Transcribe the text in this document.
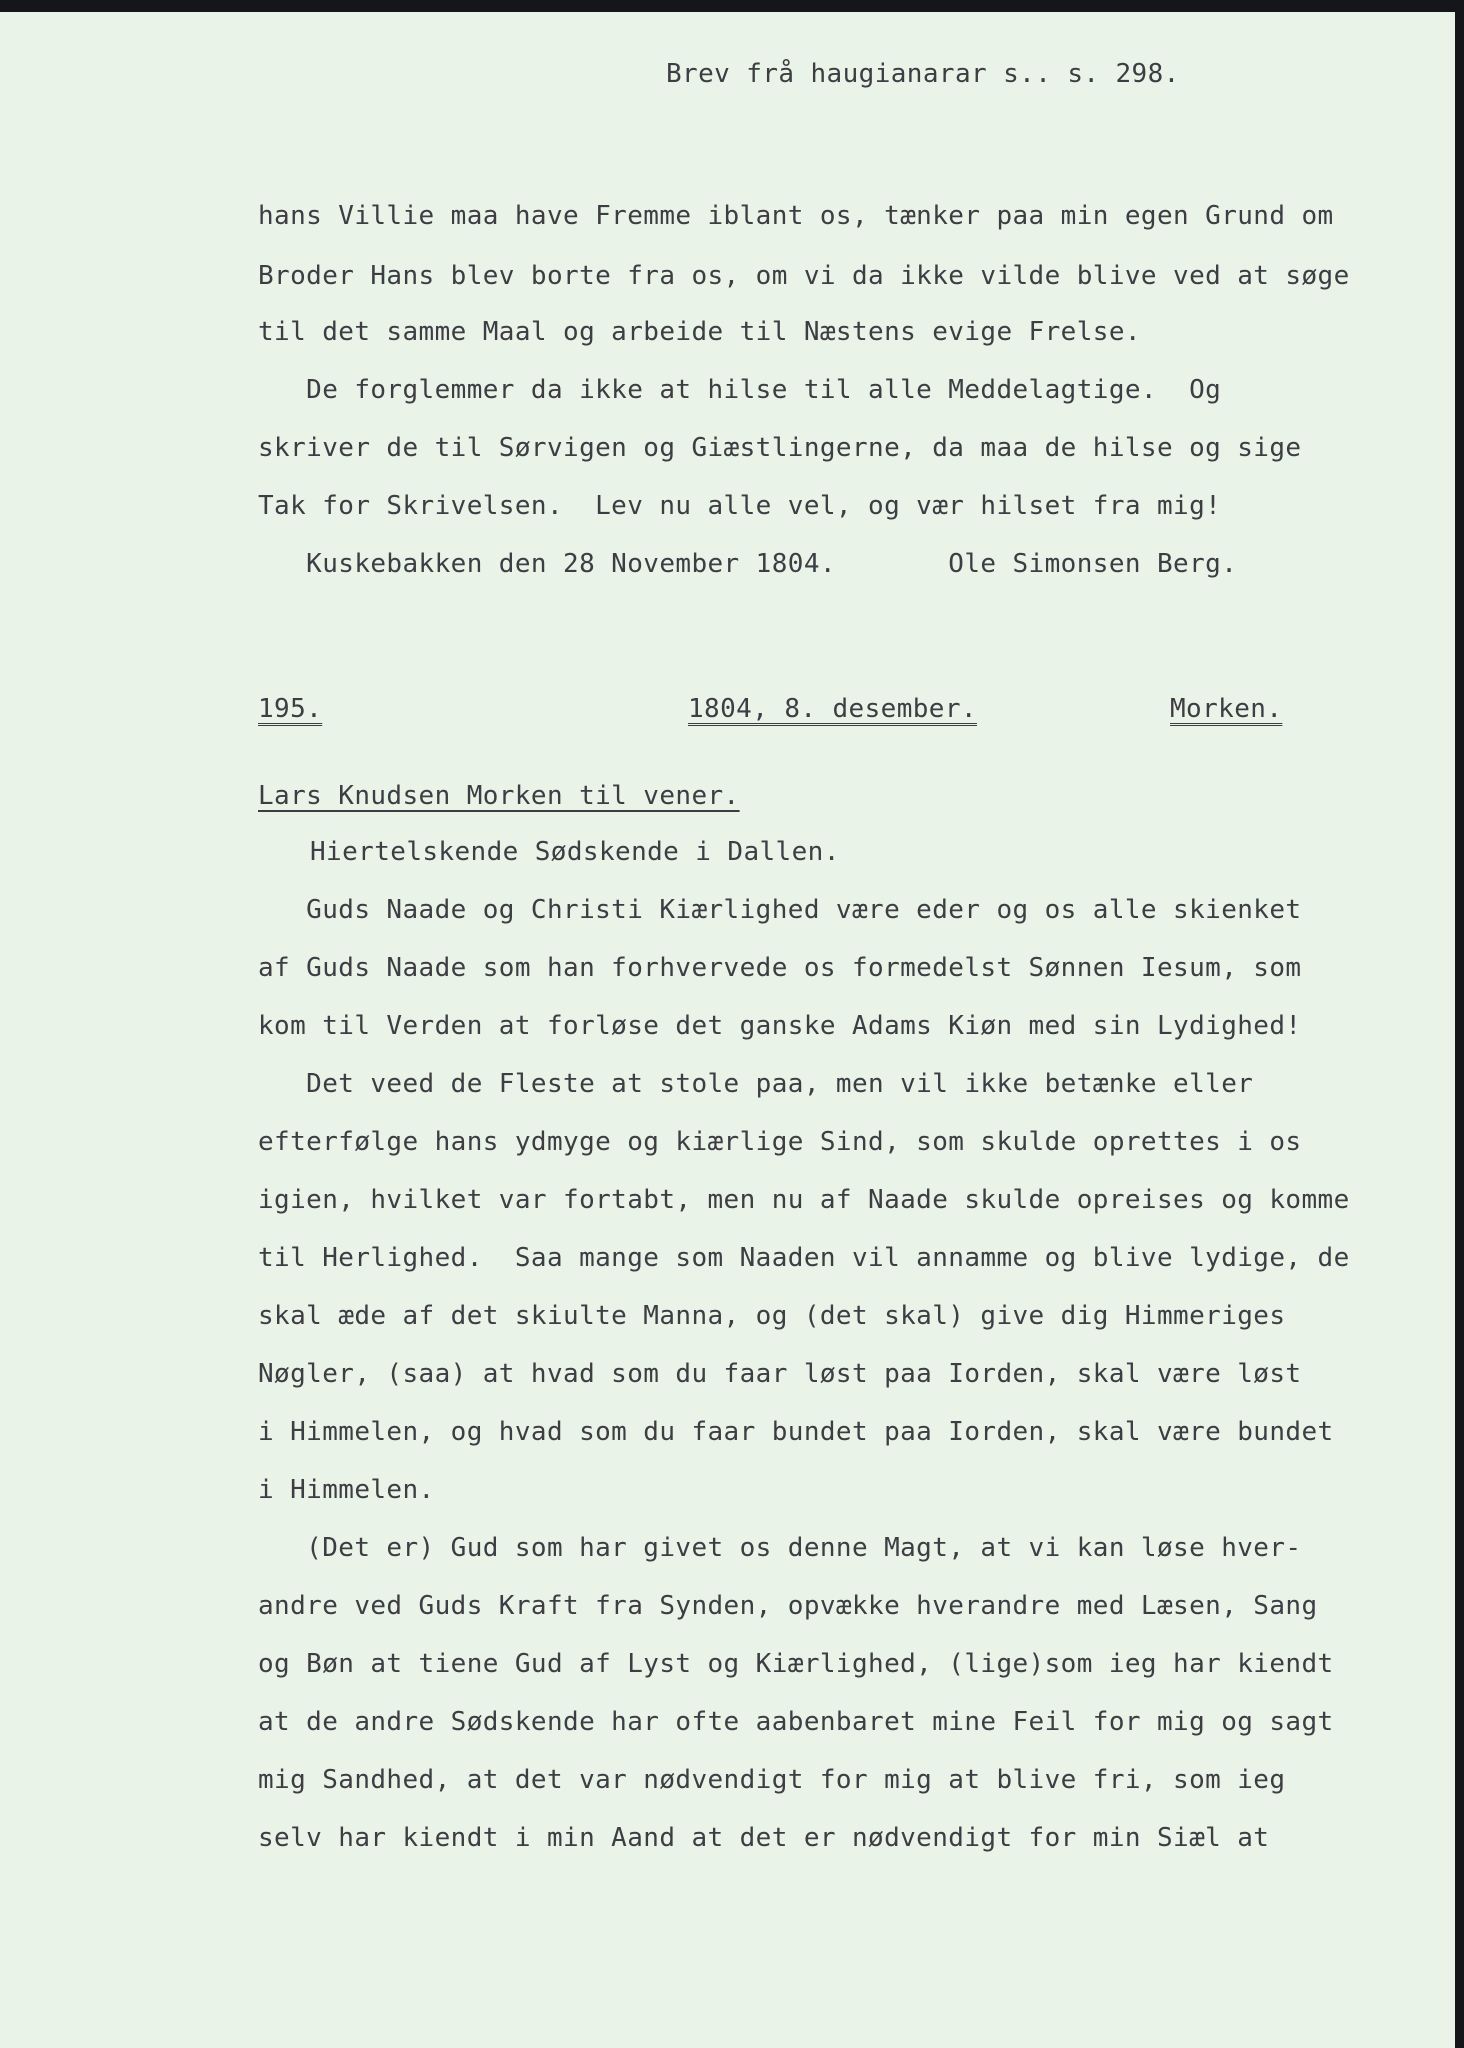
Brev frå haugianarar s.. s. 298.
hans Villie maa have Fremme iblant os, tænker paa min egen Grund om
Broder Hans blev borte fra os, om vi da ikke vilde blive ved at søge
til det samme Maal og arbeide til Næstens evige Frelse.
De forglemmer da ikke at hilse til alle Meddelagtige.  Og
skriver de til Sørvigen og Giæstlingerne, da maa de hilse og sige
Tak for Skrivelsen.  Lev nu alle vel, og vær hilset fra mig!
Kuskebakken den 28 November 1804.       Ole Simonsen Berg.
195.	1804, 8. desember.	Morken.
Lars Knudsen Morken til vener.
Hiertelskende Sødskende i Dallen.
Guds Naade og Christi Kiærlighed være eder og os alle skienket
af Guds Naade som han forhvervede os formedelst Sønnen Iesum, som
kom til Verden at forløse det ganske Adams Kiøn med sin Lydighed!
Det veed de Fleste at stole paa, men vil ikke betænke eller
efterfølge hans ydmyge og kiærlige Sind, som skulde oprettes i os
igien, hvilket var fortabt, men nu af Naade skulde opreises og komme
til Herlighed.  Saa mange som Naaden vil annamme og blive lydige, de
skal æde af det skiulte Manna, og (det skal) give dig Himmeriges
Nøgler, (saa) at hvad som du faar løst paa Iorden, skal være løst
i Himmelen, og hvad som du faar bundet paa Iorden, skal være bundet
i Himmelen.
(Det er) Gud som har givet os denne Magt, at vi kan løse hver-
andre ved Guds Kraft fra Synden, opvække hverandre med Læsen, Sang
og Bøn at tiene Gud af Lyst og Kiærlighed, (lige)som ieg har kiendt
at de andre Sødskende har ofte aabenbaret mine Feil for mig og sagt
mig Sandhed, at det var nødvendigt for mig at blive fri, som ieg
selv har kiendt i min Aand at det er nødvendigt for min Siæl at
